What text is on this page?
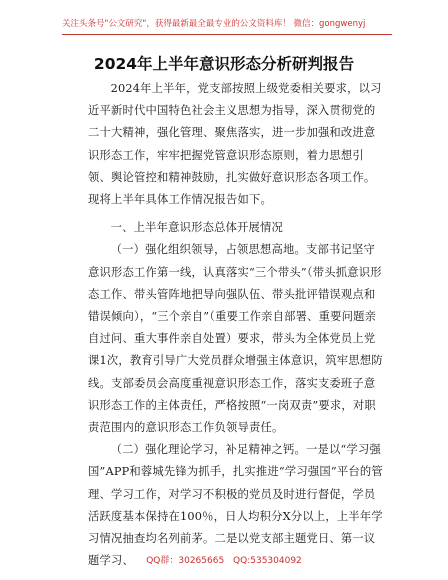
关注头条号"公文研究"，获得最新最全最专业的公文资料库！ 微信：gongwenyj
2024年上半年意识形态分析研判报告

2024年上半年，党支部按照上级党委相关要求，以习近平新时代中国特色社会主义思想为指导，深入贯彻党的二十大精神，强化管理、聚焦落实，进一步加强和改进意识形态工作，牢牢把握党管意识形态原则，着力思想引领、舆论管控和精神鼓励，扎实做好意识形态各项工作。现将上半年具体工作情况报告如下。

一、上半年意识形态总体开展情况

（一）强化组织领导，占领思想高地。支部书记坚守意识形态工作第一线，认真落实“三个带头”（带头抓意识形态工作、带头管阵地把导向强队伍、带头批评错误观点和错误倾向），“三个亲自”（重要工作亲自部署、重要问题亲自过问、重大事件亲自处置）要求，带头为全体党员上党课1次，教育引导广大党员群众增强主体意识，筑牢思想防线。支部委员会高度重视意识形态工作，落实支委班子意识形态工作的主体责任，严格按照“一岗双责”要求，对职责范围内的意识形态工作负领导责任。

（二）强化理论学习，补足精神之钙。一是以“学习强国”APP和蓉城先锋为抓手，扎实推进“学习强国”平台的管理、学习工作，对学习不积极的党员及时进行督促，学员活跃度基本保持在100％，日人均积分X分以上，上半年学习情况抽查均名列前茅。二是以党支部主题党日、第一议题学习、	QQ群：30265665 QQ:535304092
